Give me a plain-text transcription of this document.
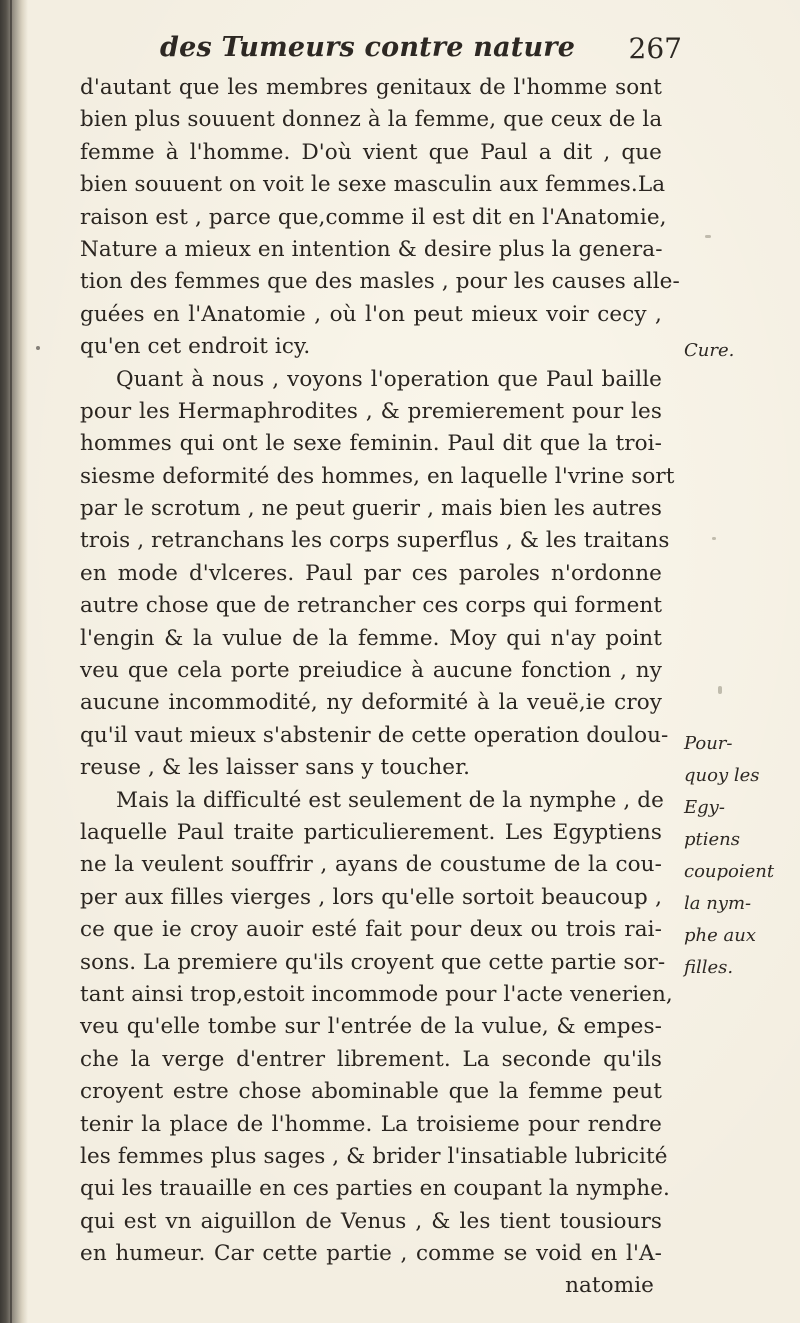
des Tumeurs contre nature 267
d'autant que les membres genitaux de l'homme sont
bien plus souuent donnez à la femme, que ceux de la
femme à l'homme. D'où vient que Paul a dit , que
bien souuent on voit le sexe masculin aux femmes.La
raison est , parce que,comme il est dit en l'Anatomie,
Nature a mieux en intention & desire plus la genera-
tion des femmes que des masles , pour les causes alle-
guées en l'Anatomie , où l'on peut mieux voir cecy ,
qu'en cet endroit icy.
Quant à nous , voyons l'operation que Paul baille
pour les Hermaphrodites , & premierement pour les
hommes qui ont le sexe feminin. Paul dit que la troi-
siesme deformité des hommes, en laquelle l'vrine sort
par le scrotum , ne peut guerir , mais bien les autres
trois , retranchans les corps superflus , & les traitans
en mode d'vlceres. Paul par ces paroles n'ordonne
autre chose que de retrancher ces corps qui forment
l'engin & la vulue de la femme. Moy qui n'ay point
veu que cela porte preiudice à aucune fonction , ny
aucune incommodité, ny deformité à la veuë,ie croy
qu'il vaut mieux s'abstenir de cette operation doulou-
reuse , & les laisser sans y toucher.
Mais la difficulté est seulement de la nymphe , de
laquelle Paul traite particulierement. Les Egyptiens
ne la veulent souffrir , ayans de coustume de la cou-
per aux filles vierges , lors qu'elle sortoit beaucoup ,
ce que ie croy auoir esté fait pour deux ou trois rai-
sons. La premiere qu'ils croyent que cette partie sor-
tant ainsi trop,estoit incommode pour l'acte venerien,
veu qu'elle tombe sur l'entrée de la vulue, & empes-
che la verge d'entrer librement. La seconde qu'ils
croyent estre chose abominable que la femme peut
tenir la place de l'homme. La troisieme pour rendre
les femmes plus sages , & brider l'insatiable lubricité
qui les trauaille en ces parties en coupant la nymphe.
qui est vn aiguillon de Venus , & les tient tousiours
en humeur. Car cette partie , comme se void en l'A-
natomie
Cure.
Pour-
quoy les
Egy-
ptiens
coupoient
la nym-
phe aux
filles.
